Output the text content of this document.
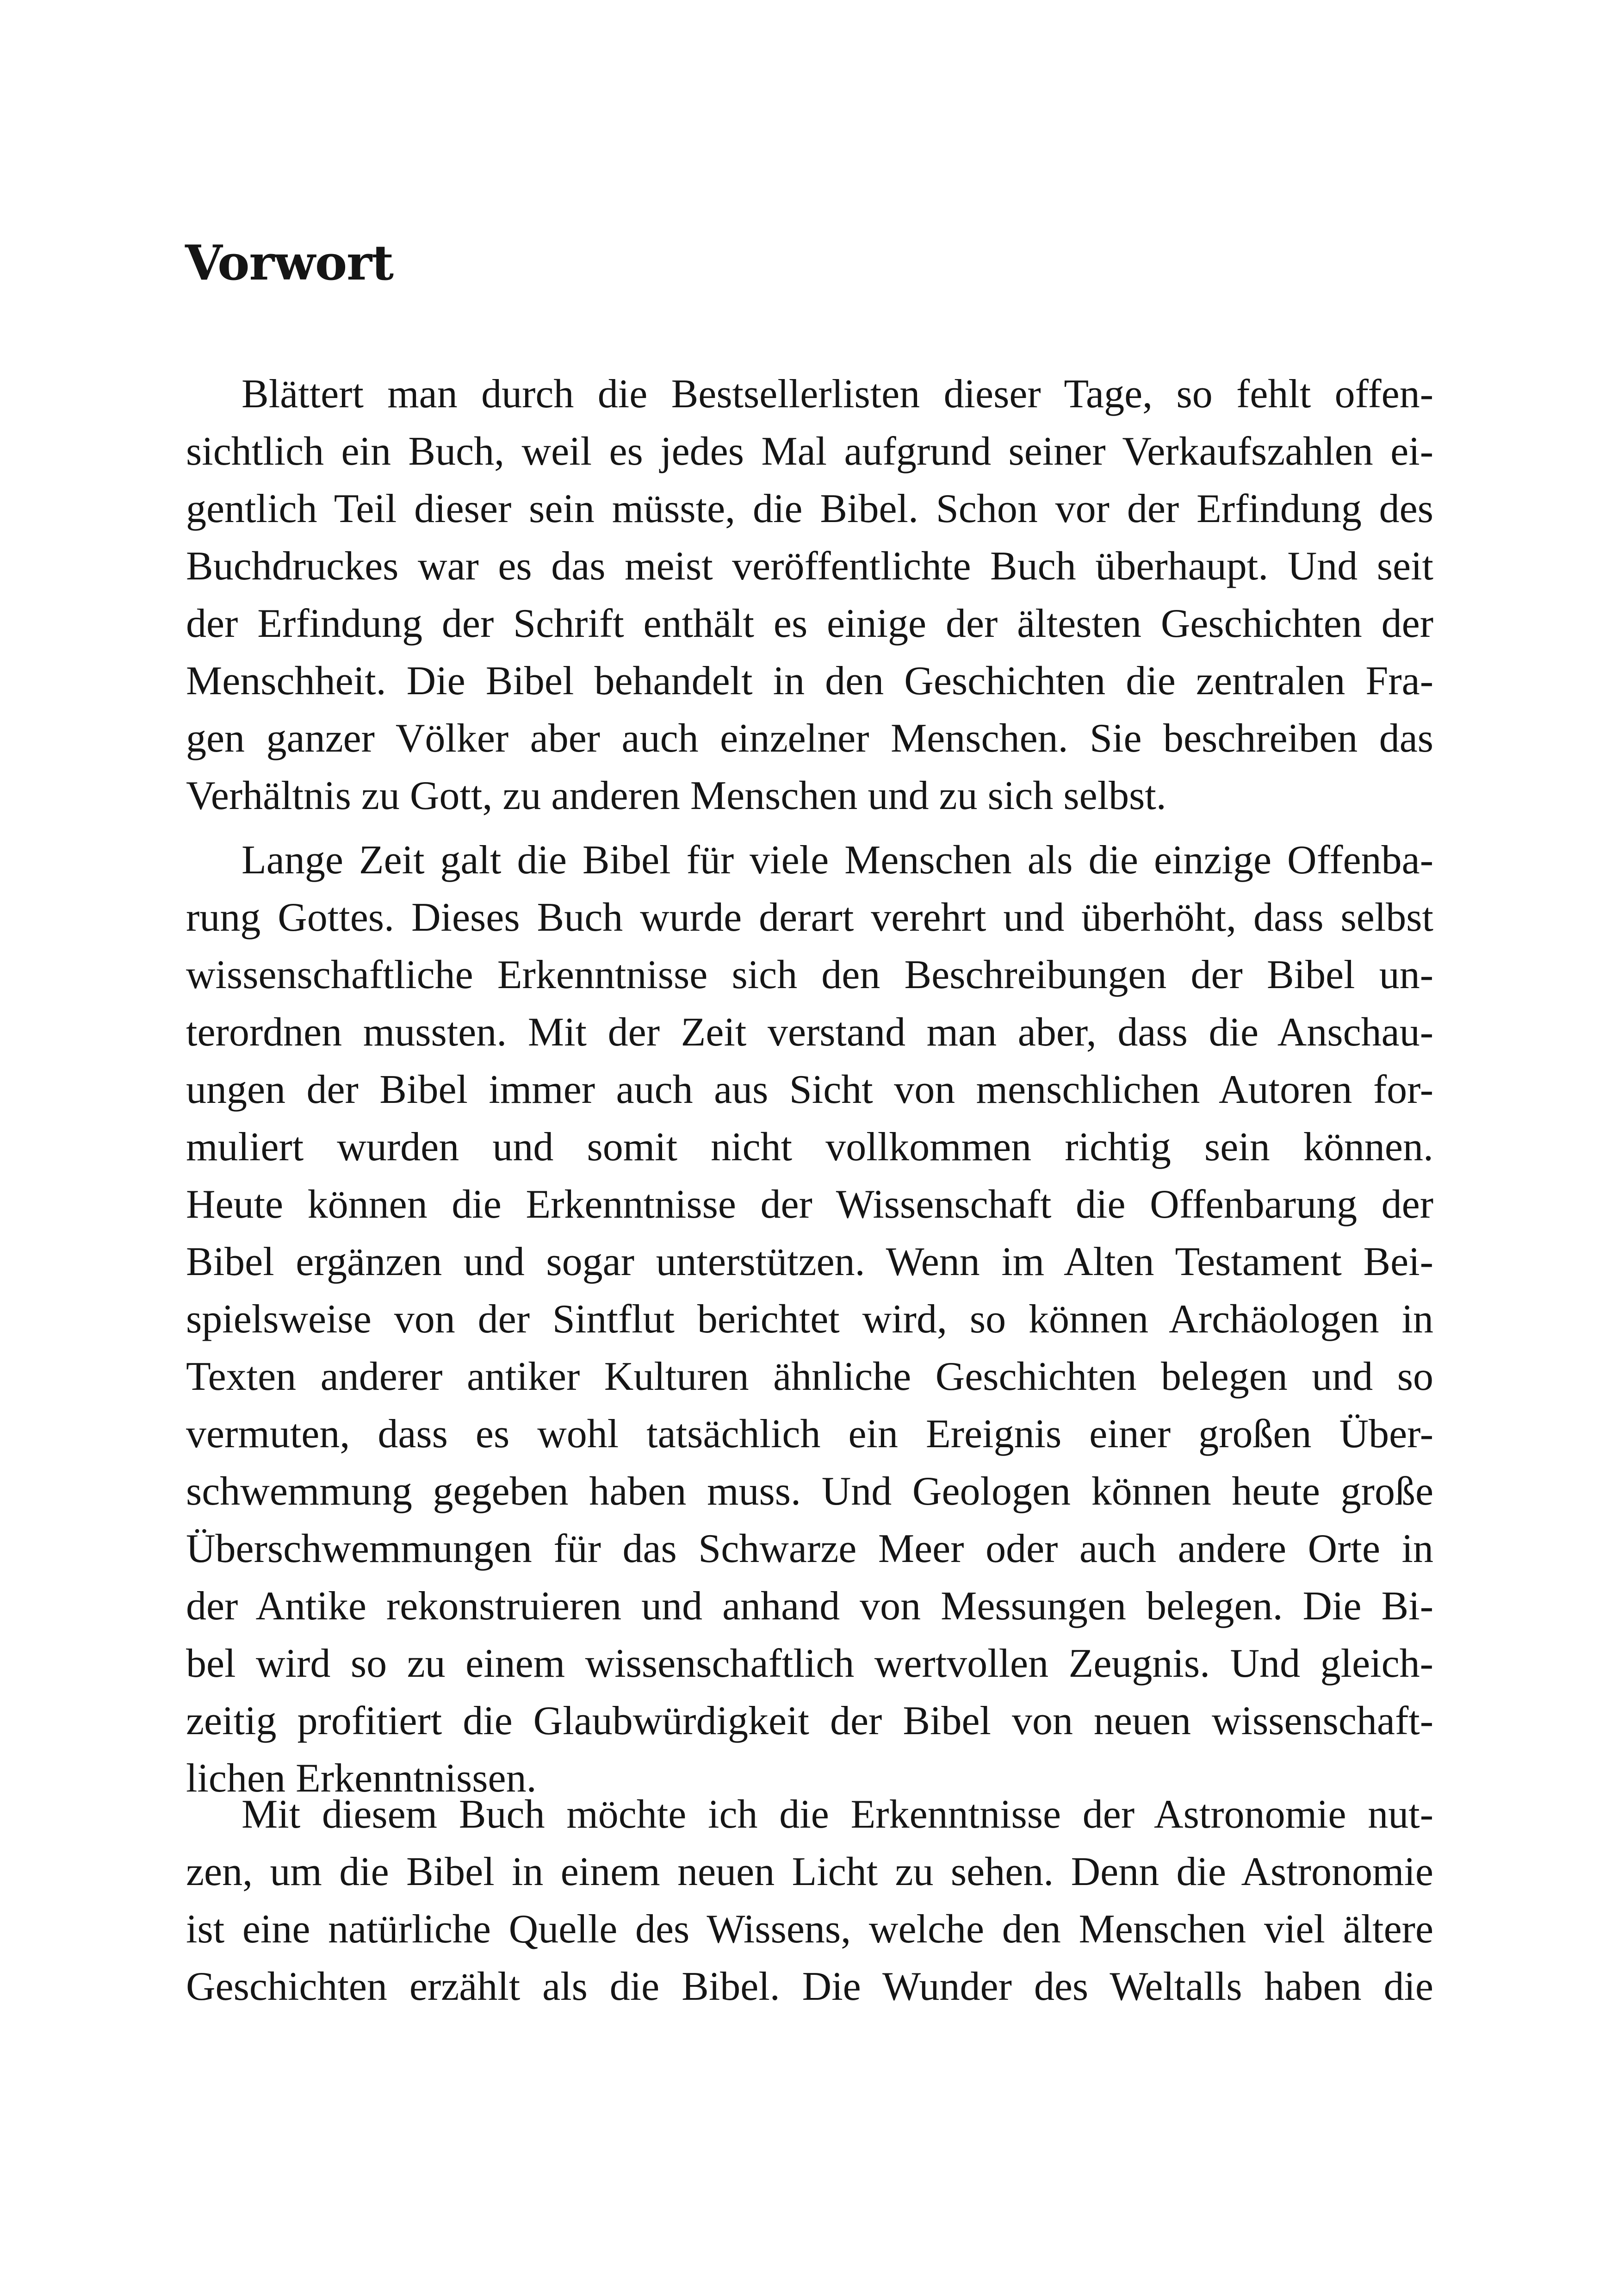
Vorwort
Blättert man durch die Bestsellerlisten dieser Tage, so fehlt offen-
sichtlich ein Buch, weil es jedes Mal aufgrund seiner Verkaufszahlen ei-
gentlich Teil dieser sein müsste, die Bibel. Schon vor der Erfindung des
Buchdruckes war es das meist veröffentlichte Buch überhaupt. Und seit
der Erfindung der Schrift enthält es einige der ältesten Geschichten der
Menschheit. Die Bibel behandelt in den Geschichten die zentralen Fra-
gen ganzer Völker aber auch einzelner Menschen. Sie beschreiben das
Verhältnis zu Gott, zu anderen Menschen und zu sich selbst.
Lange Zeit galt die Bibel für viele Menschen als die einzige Offenba-
rung Gottes. Dieses Buch wurde derart verehrt und überhöht, dass selbst
wissenschaftliche Erkenntnisse sich den Beschreibungen der Bibel un-
terordnen mussten. Mit der Zeit verstand man aber, dass die Anschau-
ungen der Bibel immer auch aus Sicht von menschlichen Autoren for-
muliert wurden und somit nicht vollkommen richtig sein können.
Heute können die Erkenntnisse der Wissenschaft die Offenbarung der
Bibel ergänzen und sogar unterstützen. Wenn im Alten Testament Bei-
spielsweise von der Sintflut berichtet wird, so können Archäologen in
Texten anderer antiker Kulturen ähnliche Geschichten belegen und so
vermuten, dass es wohl tatsächlich ein Ereignis einer großen Über-
schwemmung gegeben haben muss. Und Geologen können heute große
Überschwemmungen für das Schwarze Meer oder auch andere Orte in
der Antike rekonstruieren und anhand von Messungen belegen. Die Bi-
bel wird so zu einem wissenschaftlich wertvollen Zeugnis. Und gleich-
zeitig profitiert die Glaubwürdigkeit der Bibel von neuen wissenschaft-
lichen Erkenntnissen.
Mit diesem Buch möchte ich die Erkenntnisse der Astronomie nut-
zen, um die Bibel in einem neuen Licht zu sehen. Denn die Astronomie
ist eine natürliche Quelle des Wissens, welche den Menschen viel ältere
Geschichten erzählt als die Bibel. Die Wunder des Weltalls haben die
